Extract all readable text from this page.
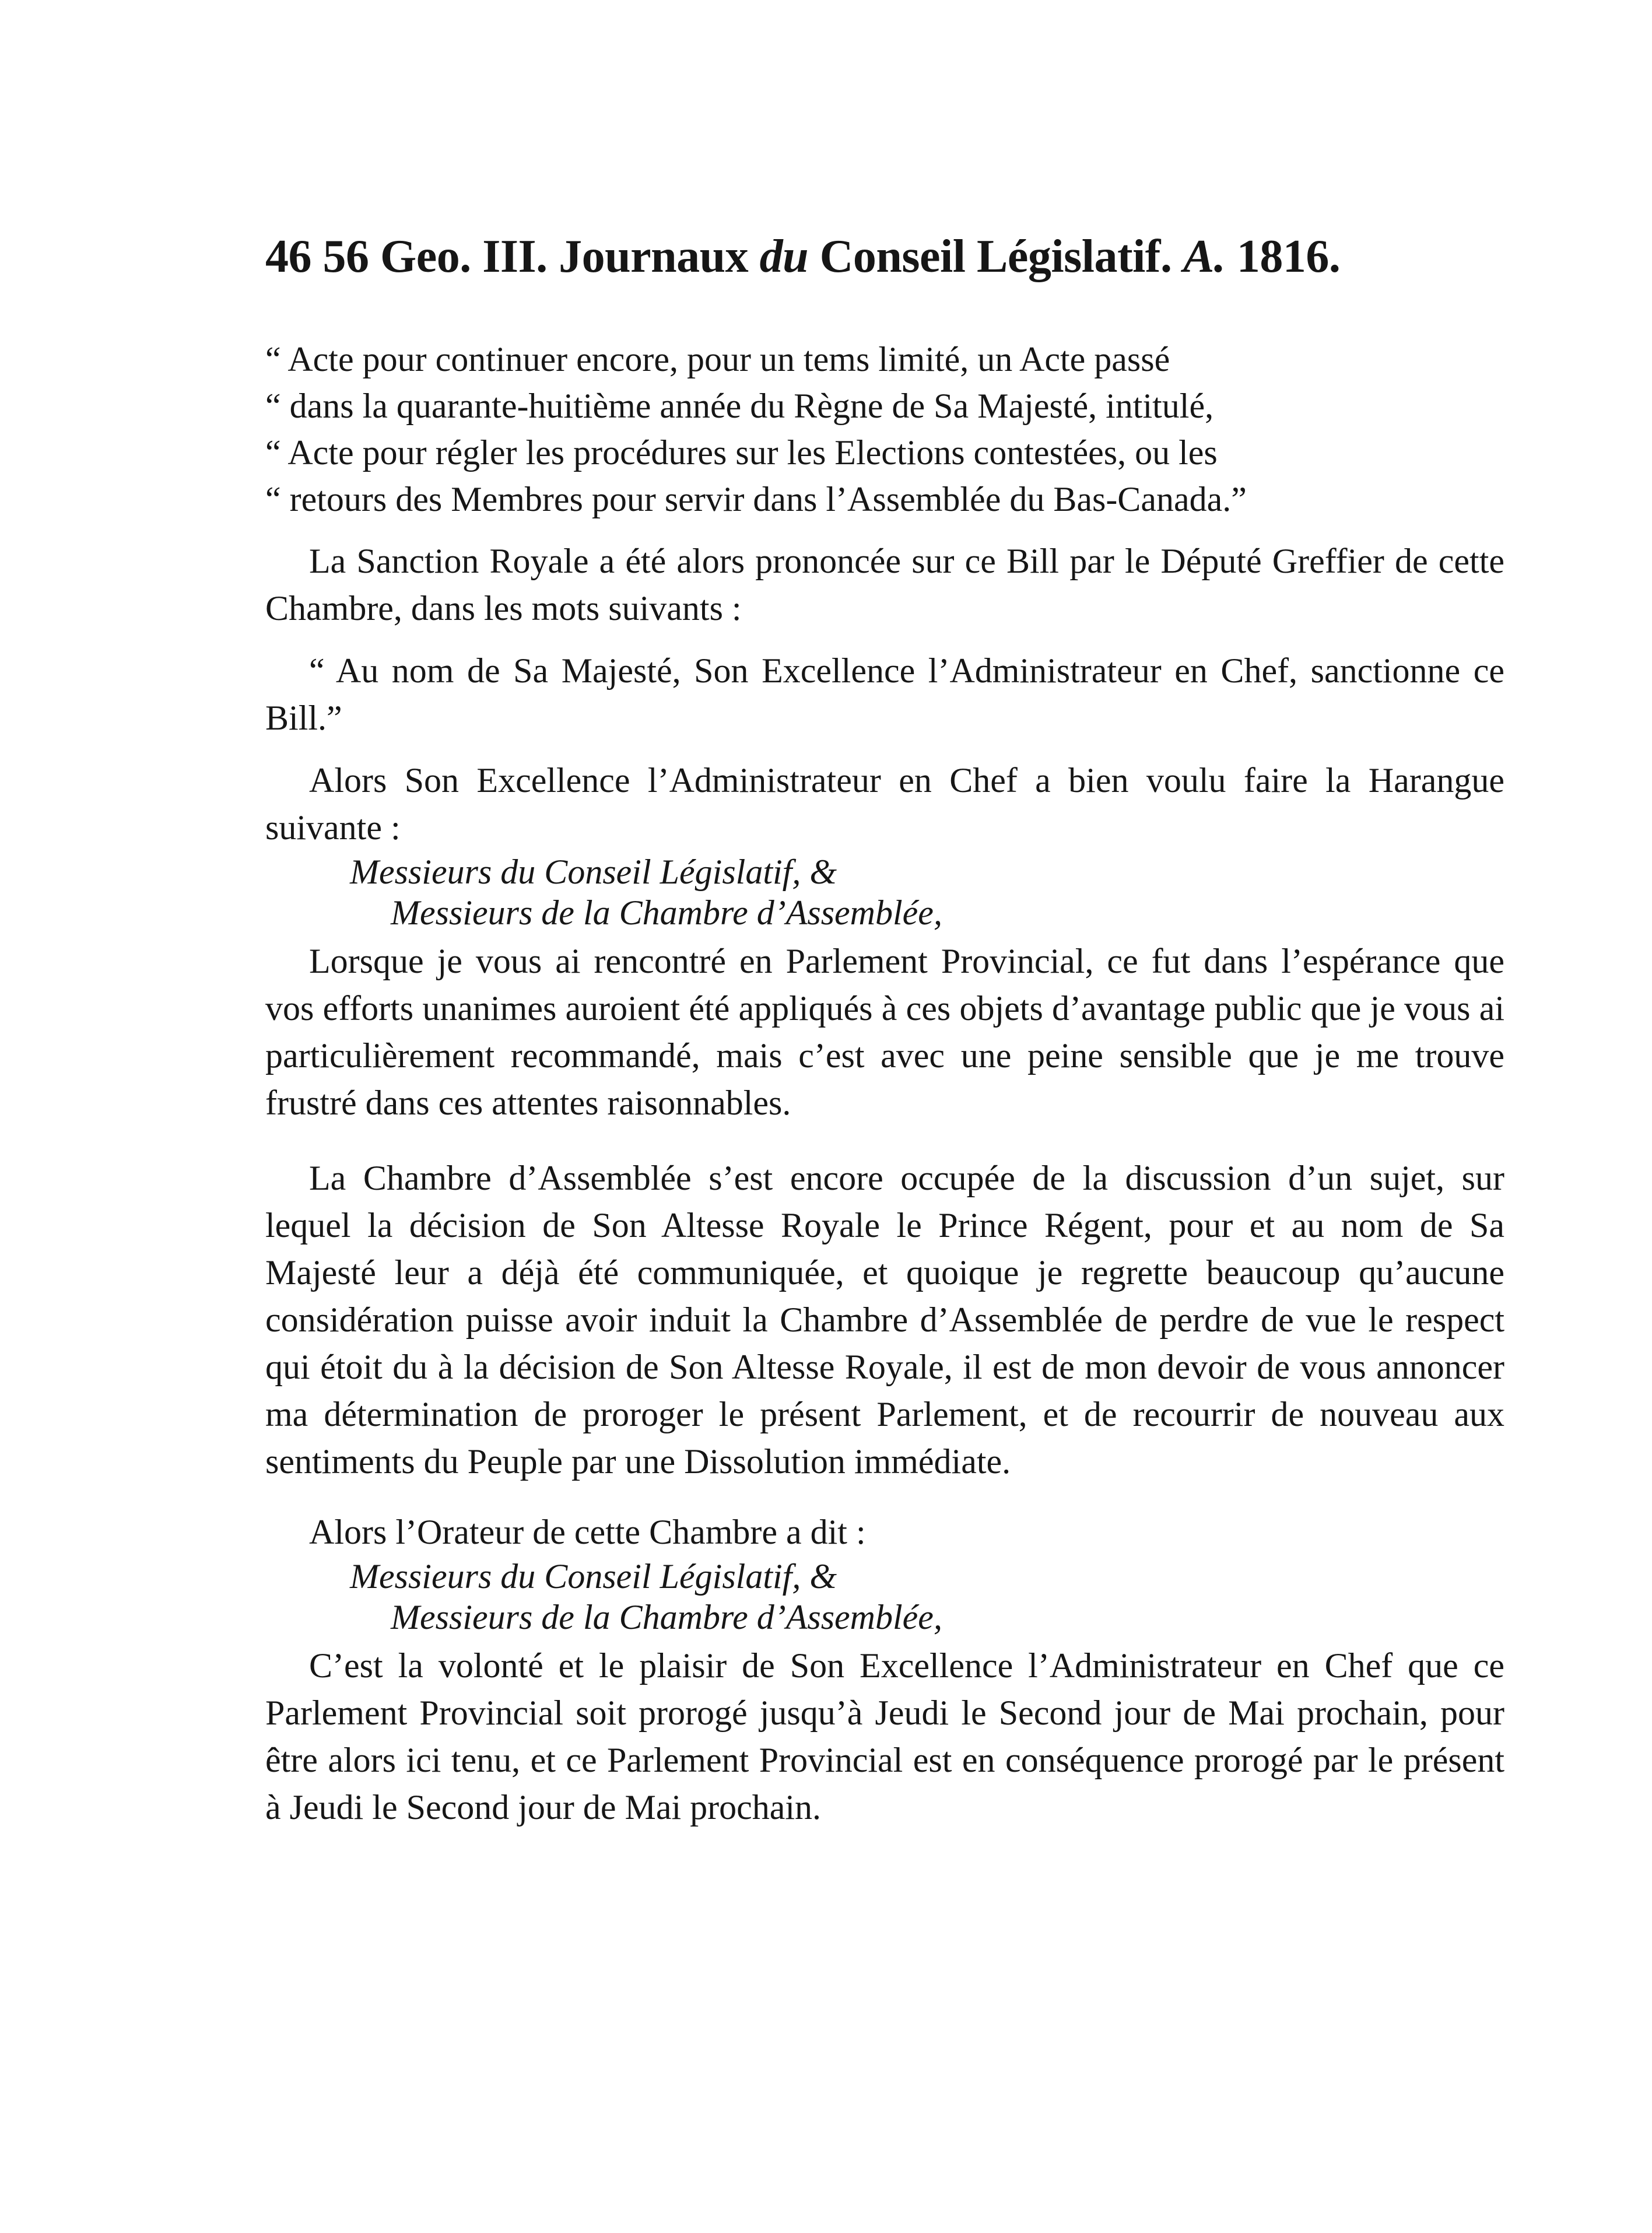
46 56 Geo. III. Journaux du Conseil Législatif. A. 1816.
“ Acte pour continuer encore, pour un tems limité, un Acte passé
“ dans la quarante-huitième année du Règne de Sa Majesté, intitulé,
“ Acte pour régler les procédures sur les Elections contestées, ou les
“ retours des Membres pour servir dans l’Assemblée du Bas-Canada.”

La Sanction Royale a été alors prononcée sur ce Bill par le Député Greffier de cette Chambre, dans les mots suivants :

“ Au nom de Sa Majesté, Son Excellence l’Administrateur en Chef, sanctionne ce Bill.”

Alors Son Excellence l’Administrateur en Chef a bien voulu faire la Harangue suivante :

Messieurs du Conseil Législatif, &
Messieurs de la Chambre d’Assemblée,

Lorsque je vous ai rencontré en Parlement Provincial, ce fut dans l’espérance que vos efforts unanimes auroient été appliqués à ces objets d’avantage public que je vous ai particulièrement recommandé, mais c’est avec une peine sensible que je me trouve frustré dans ces attentes raisonnables.

La Chambre d’Assemblée s’est encore occupée de la discussion d’un sujet, sur lequel la décision de Son Altesse Royale le Prince Régent, pour et au nom de Sa Majesté leur a déjà été communiquée, et quoique je regrette beaucoup qu’aucune considération puisse avoir induit la Chambre d’Assemblée de perdre de vue le respect qui étoit du à la décision de Son Altesse Royale, il est de mon devoir de vous annoncer ma détermination de proroger le présent Parlement, et de recourrir de nouveau aux sentiments du Peuple par une Dissolution immédiate.

Alors l’Orateur de cette Chambre a dit :

Messieurs du Conseil Législatif, &
Messieurs de la Chambre d’Assemblée,

C’est la volonté et le plaisir de Son Excellence l’Administrateur en Chef que ce Parlement Provincial soit prorogé jusqu’à Jeudi le Second jour de Mai prochain, pour être alors ici tenu, et ce Parlement Provincial est en conséquence prorogé par le présent à Jeudi le Second jour de Mai prochain.
